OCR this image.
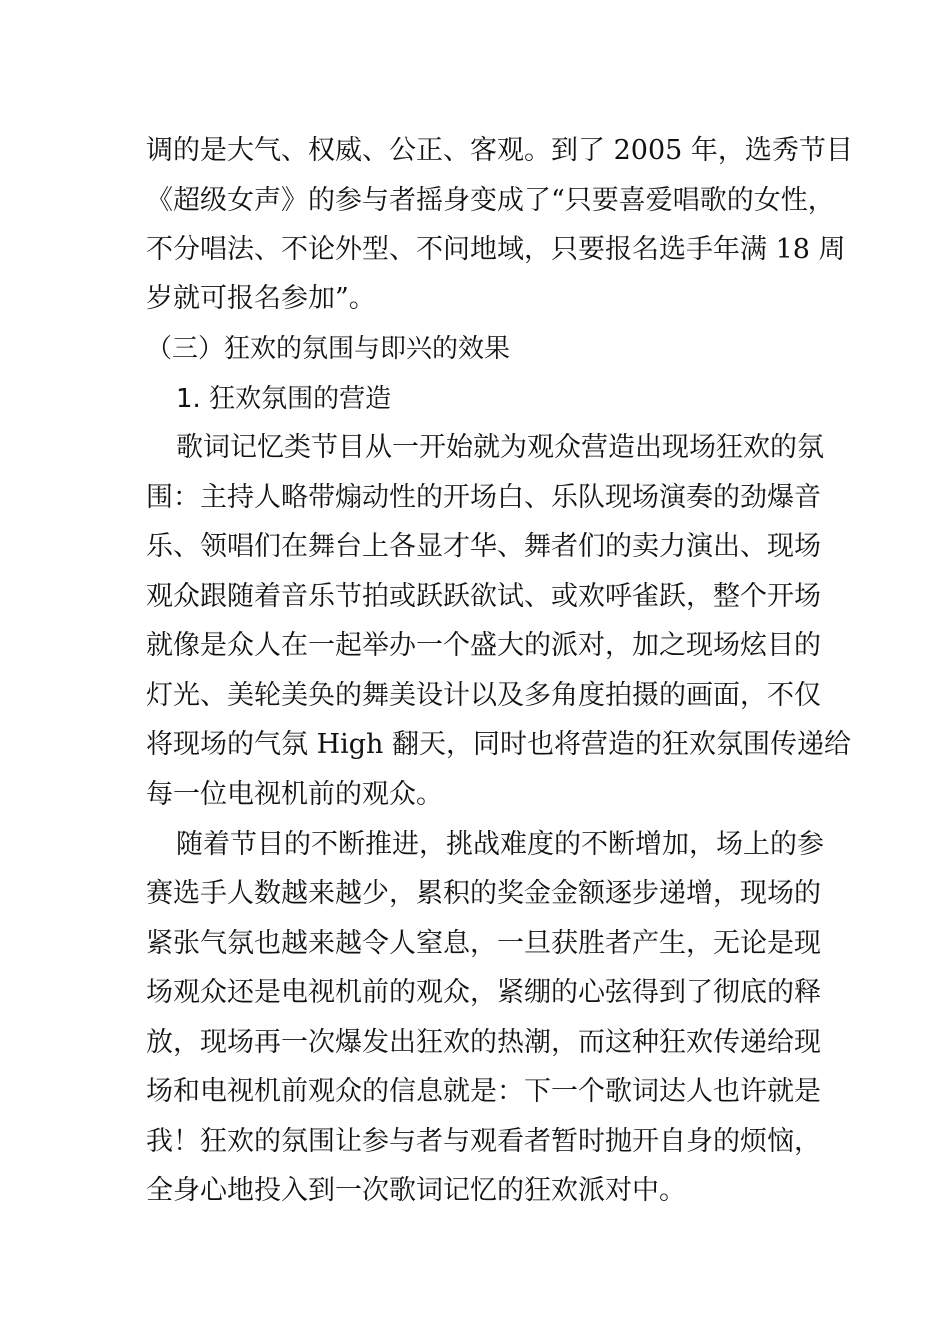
调的是大气、权威、公正、客观。到了 2005 年，选秀节目
《超级女声》的参与者摇身变成了“只要喜爱唱歌的女性，
不分唱法、不论外型、不问地域，只要报名选手年满 18 周
岁就可报名参加”。
（三）狂欢的氛围与即兴的效果
1. 狂欢氛围的营造
歌词记忆类节目从一开始就为观众营造出现场狂欢的氛
围：主持人略带煽动性的开场白、乐队现场演奏的劲爆音
乐、领唱们在舞台上各显才华、舞者们的卖力演出、现场
观众跟随着音乐节拍或跃跃欲试、或欢呼雀跃，整个开场
就像是众人在一起举办一个盛大的派对，加之现场炫目的
灯光、美轮美奂的舞美设计以及多角度拍摄的画面，不仅
将现场的气氛 High 翻天，同时也将营造的狂欢氛围传递给
每一位电视机前的观众。
随着节目的不断推进，挑战难度的不断增加，场上的参
赛选手人数越来越少，累积的奖金金额逐步递增，现场的
紧张气氛也越来越令人窒息，一旦获胜者产生，无论是现
场观众还是电视机前的观众，紧绷的心弦得到了彻底的释
放，现场再一次爆发出狂欢的热潮，而这种狂欢传递给现
场和电视机前观众的信息就是：下一个歌词达人也许就是
我！狂欢的氛围让参与者与观看者暂时抛开自身的烦恼，
全身心地投入到一次歌词记忆的狂欢派对中。
